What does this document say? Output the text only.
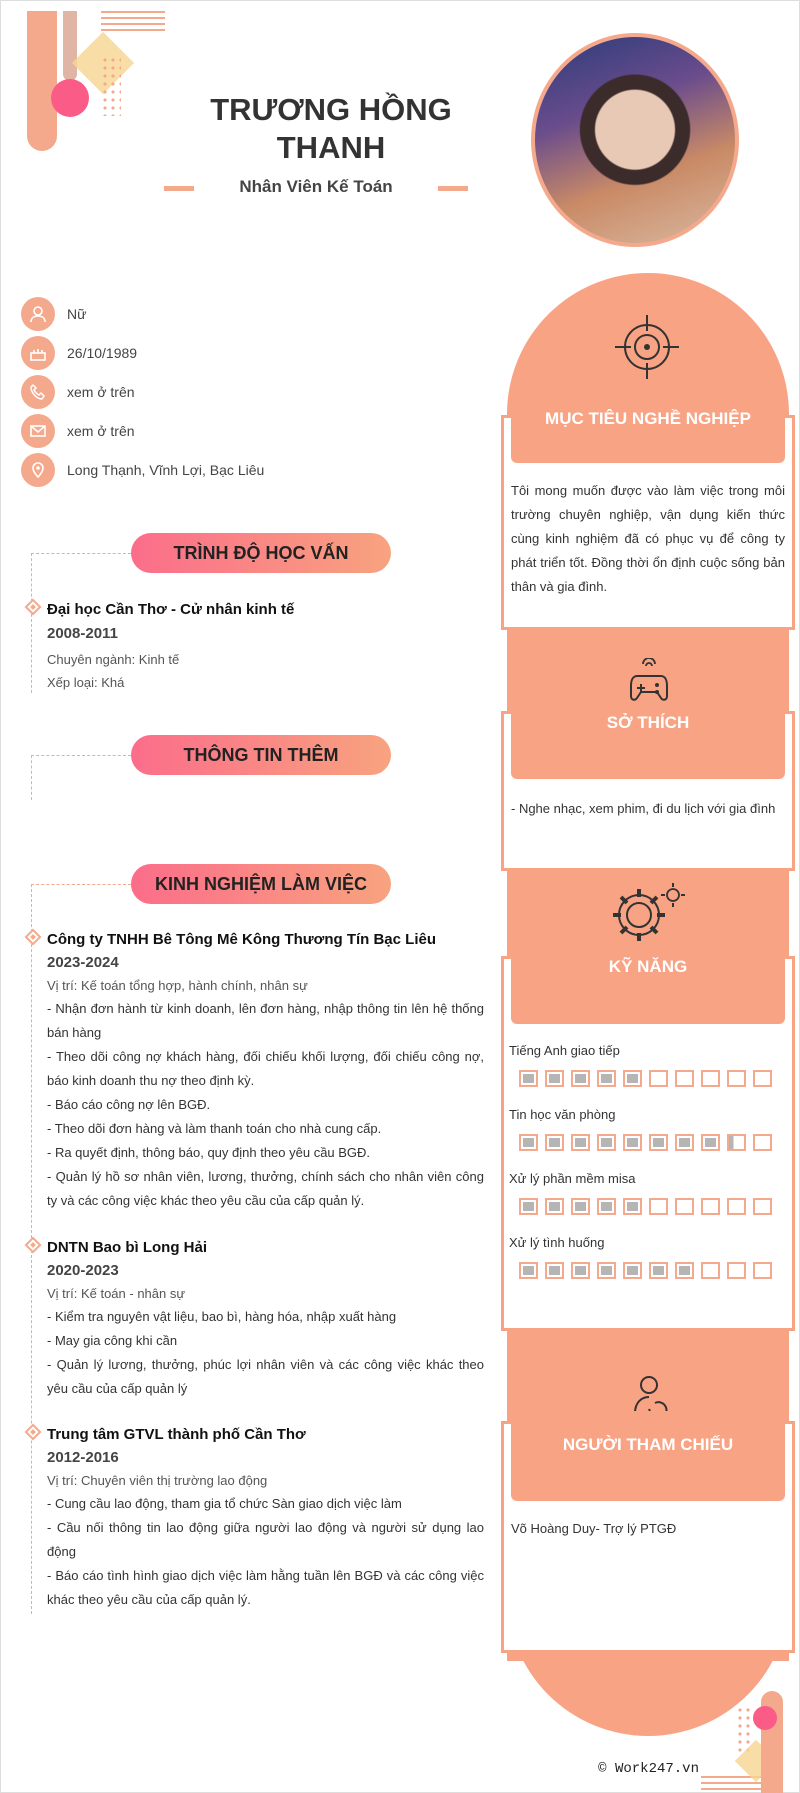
TRƯƠNG HỒNG
THANH
Nhân Viên Kế Toán
Nữ
26/10/1989
xem ở trên
xem ở trên
Long Thạnh, Vĩnh Lợi, Bạc Liêu
TRÌNH ĐỘ HỌC VẤN
Đại học Cần Thơ - Cử nhân kinh tế
2008-2011
Chuyên ngành: Kinh tế
Xếp loại: Khá
THÔNG TIN THÊM
KINH NGHIỆM LÀM VIỆC
Công ty TNHH Bê Tông Mê Kông Thương Tín Bạc Liêu
2023-2024
Vị trí: Kế toán tổng hợp, hành chính, nhân sự
- Nhận đơn hành từ kinh doanh, lên đơn hàng, nhập thông tin lên hệ thống bán hàng
- Theo dõi công nợ khách hàng, đối chiếu khối lượng, đối chiếu công nợ, báo kinh doanh thu nợ theo định kỳ.
- Báo cáo công nợ lên BGĐ.
- Theo dõi đơn hàng và làm thanh toán cho nhà cung cấp.
- Ra quyết định, thông báo, quy định theo yêu cầu BGĐ.
- Quản lý hồ sơ nhân viên, lương, thưởng, chính sách cho nhân viên công ty và các công việc khác theo yêu cầu của cấp quản lý.
DNTN Bao bì Long Hải
2020-2023
Vị trí: Kế toán - nhân sự
- Kiểm tra nguyên vật liệu, bao bì, hàng hóa, nhập xuất hàng
- May gia công khi cần
- Quản lý lương, thưởng, phúc lợi nhân viên và các công việc khác theo yêu cầu của cấp quản lý
Trung tâm GTVL thành phố Cần Thơ
2012-2016
Vị trí: Chuyên viên thị trường lao động
- Cung cầu lao động, tham gia tổ chức Sàn giao dịch việc làm
- Cầu nối thông tin lao động giữa người lao động và người sử dụng lao động
- Báo cáo tình hình giao dịch việc làm hằng tuần lên BGĐ và các công việc khác theo yêu cầu của cấp quản lý.
MỤC TIÊU NGHỀ NGHIỆP
Tôi mong muốn được vào làm việc trong môi trường chuyên nghiệp, vận dụng kiến thức cùng kinh nghiệm đã có phục vụ để công ty phát triển tốt. Đồng thời ổn định cuộc sống bản thân và gia đình.
SỞ THÍCH
- Nghe nhạc, xem phim, đi du lịch với gia đình
KỸ NĂNG
Tiếng Anh giao tiếp
Tin học văn phòng
Xử lý phần mềm misa
Xử lý tình huống
NGƯỜI THAM CHIẾU
Võ Hoàng Duy- Trợ lý PTGĐ
© Work247.vn
